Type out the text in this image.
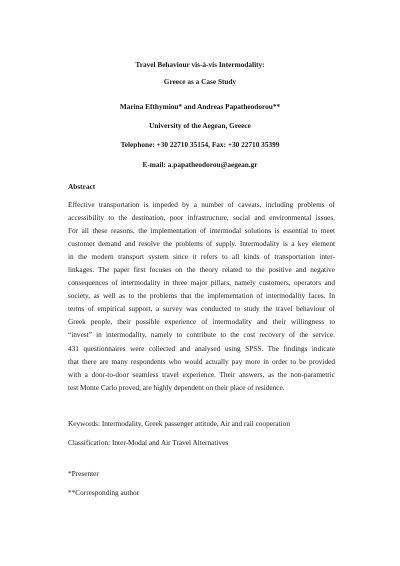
Travel Behaviour vis-à-vis Intermodality:
Greece as a Case Study
Marina Efthymiou* and Andreas Papatheodorou**
University of the Aegean, Greece
Telephone: +30 22710 35154, Fax: +30 22710 35399
E-mail: a.papatheodorou@aegean.gr
Abstract
Effective transportation is impeded by a number of caveats, including problems of
accessibility to the destination, poor infrastructure, social and environmental issues.
For all these reasons, the implementation of intermodal solutions is essential to meet
customer demand and resolve the problems of supply. Intermodality is a key element
in the modern transport system since it refers to all kinds of transportation inter-
linkages. The paper first focuses on the theory related to the positive and negative
consequences of intermodality in three major pillars, namely customers, operators and
society, as well as to the problems that the implementation of intermodality faces. In
terms of empirical support, a survey was conducted to study the travel behaviour of
Greek people, their possible experience of intermodality and their willingness to
“invest” in intermodality, namely to contribute to the cost recovery of the service.
431 questionnaires were collected and analysed using SPSS. The findings indicate
that there are many respondents who would actually pay more in order to be provided
with a door-to-door seamless travel experience. Their answers, as the non-parametric
test Monte Carlo proved, are highly dependent on their place of residence.
Keywords: Intermodality, Greek passenger attitude, Air and rail cooperation
Classification: Inter-Modal and Air Travel Alternatives
*Presenter
**Corresponding author
